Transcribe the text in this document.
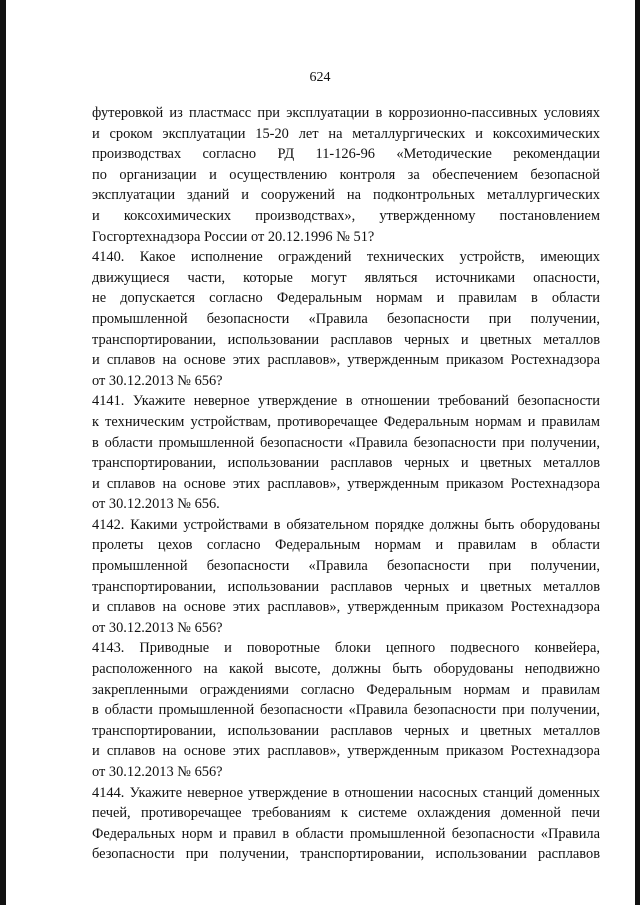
624
футеровкой из пластмасс при эксплуатации в коррозионно-пассивных условиях
и сроком эксплуатации 15-20 лет на металлургических и коксохимических
производствах согласно РД 11-126-96 «Методические рекомендации
по организации и осуществлению контроля за обеспечением безопасной
эксплуатации зданий и сооружений на подконтрольных металлургических
и коксохимических производствах», утвержденному постановлением
Госгортехнадзора России от 20.12.1996 № 51?
4140. Какое исполнение ограждений технических устройств, имеющих
движущиеся части, которые могут являться источниками опасности,
не допускается согласно Федеральным нормам и правилам в области
промышленной безопасности «Правила безопасности при получении,
транспортировании, использовании расплавов черных и цветных металлов
и сплавов на основе этих расплавов», утвержденным приказом Ростехнадзора
от 30.12.2013 № 656?
4141. Укажите неверное утверждение в отношении требований безопасности
к техническим устройствам, противоречащее Федеральным нормам и правилам
в области промышленной безопасности «Правила безопасности при получении,
транспортировании, использовании расплавов черных и цветных металлов
и сплавов на основе этих расплавов», утвержденным приказом Ростехнадзора
от 30.12.2013 № 656.
4142. Какими устройствами в обязательном порядке должны быть оборудованы
пролеты цехов согласно Федеральным нормам и правилам в области
промышленной безопасности «Правила безопасности при получении,
транспортировании, использовании расплавов черных и цветных металлов
и сплавов на основе этих расплавов», утвержденным приказом Ростехнадзора
от 30.12.2013 № 656?
4143. Приводные и поворотные блоки цепного подвесного конвейера,
расположенного на какой высоте, должны быть оборудованы неподвижно
закрепленными ограждениями согласно Федеральным нормам и правилам
в области промышленной безопасности «Правила безопасности при получении,
транспортировании, использовании расплавов черных и цветных металлов
и сплавов на основе этих расплавов», утвержденным приказом Ростехнадзора
от 30.12.2013 № 656?
4144. Укажите неверное утверждение в отношении насосных станций доменных
печей, противоречащее требованиям к системе охлаждения доменной печи
Федеральных норм и правил в области промышленной безопасности «Правила
безопасности при получении, транспортировании, использовании расплавов
